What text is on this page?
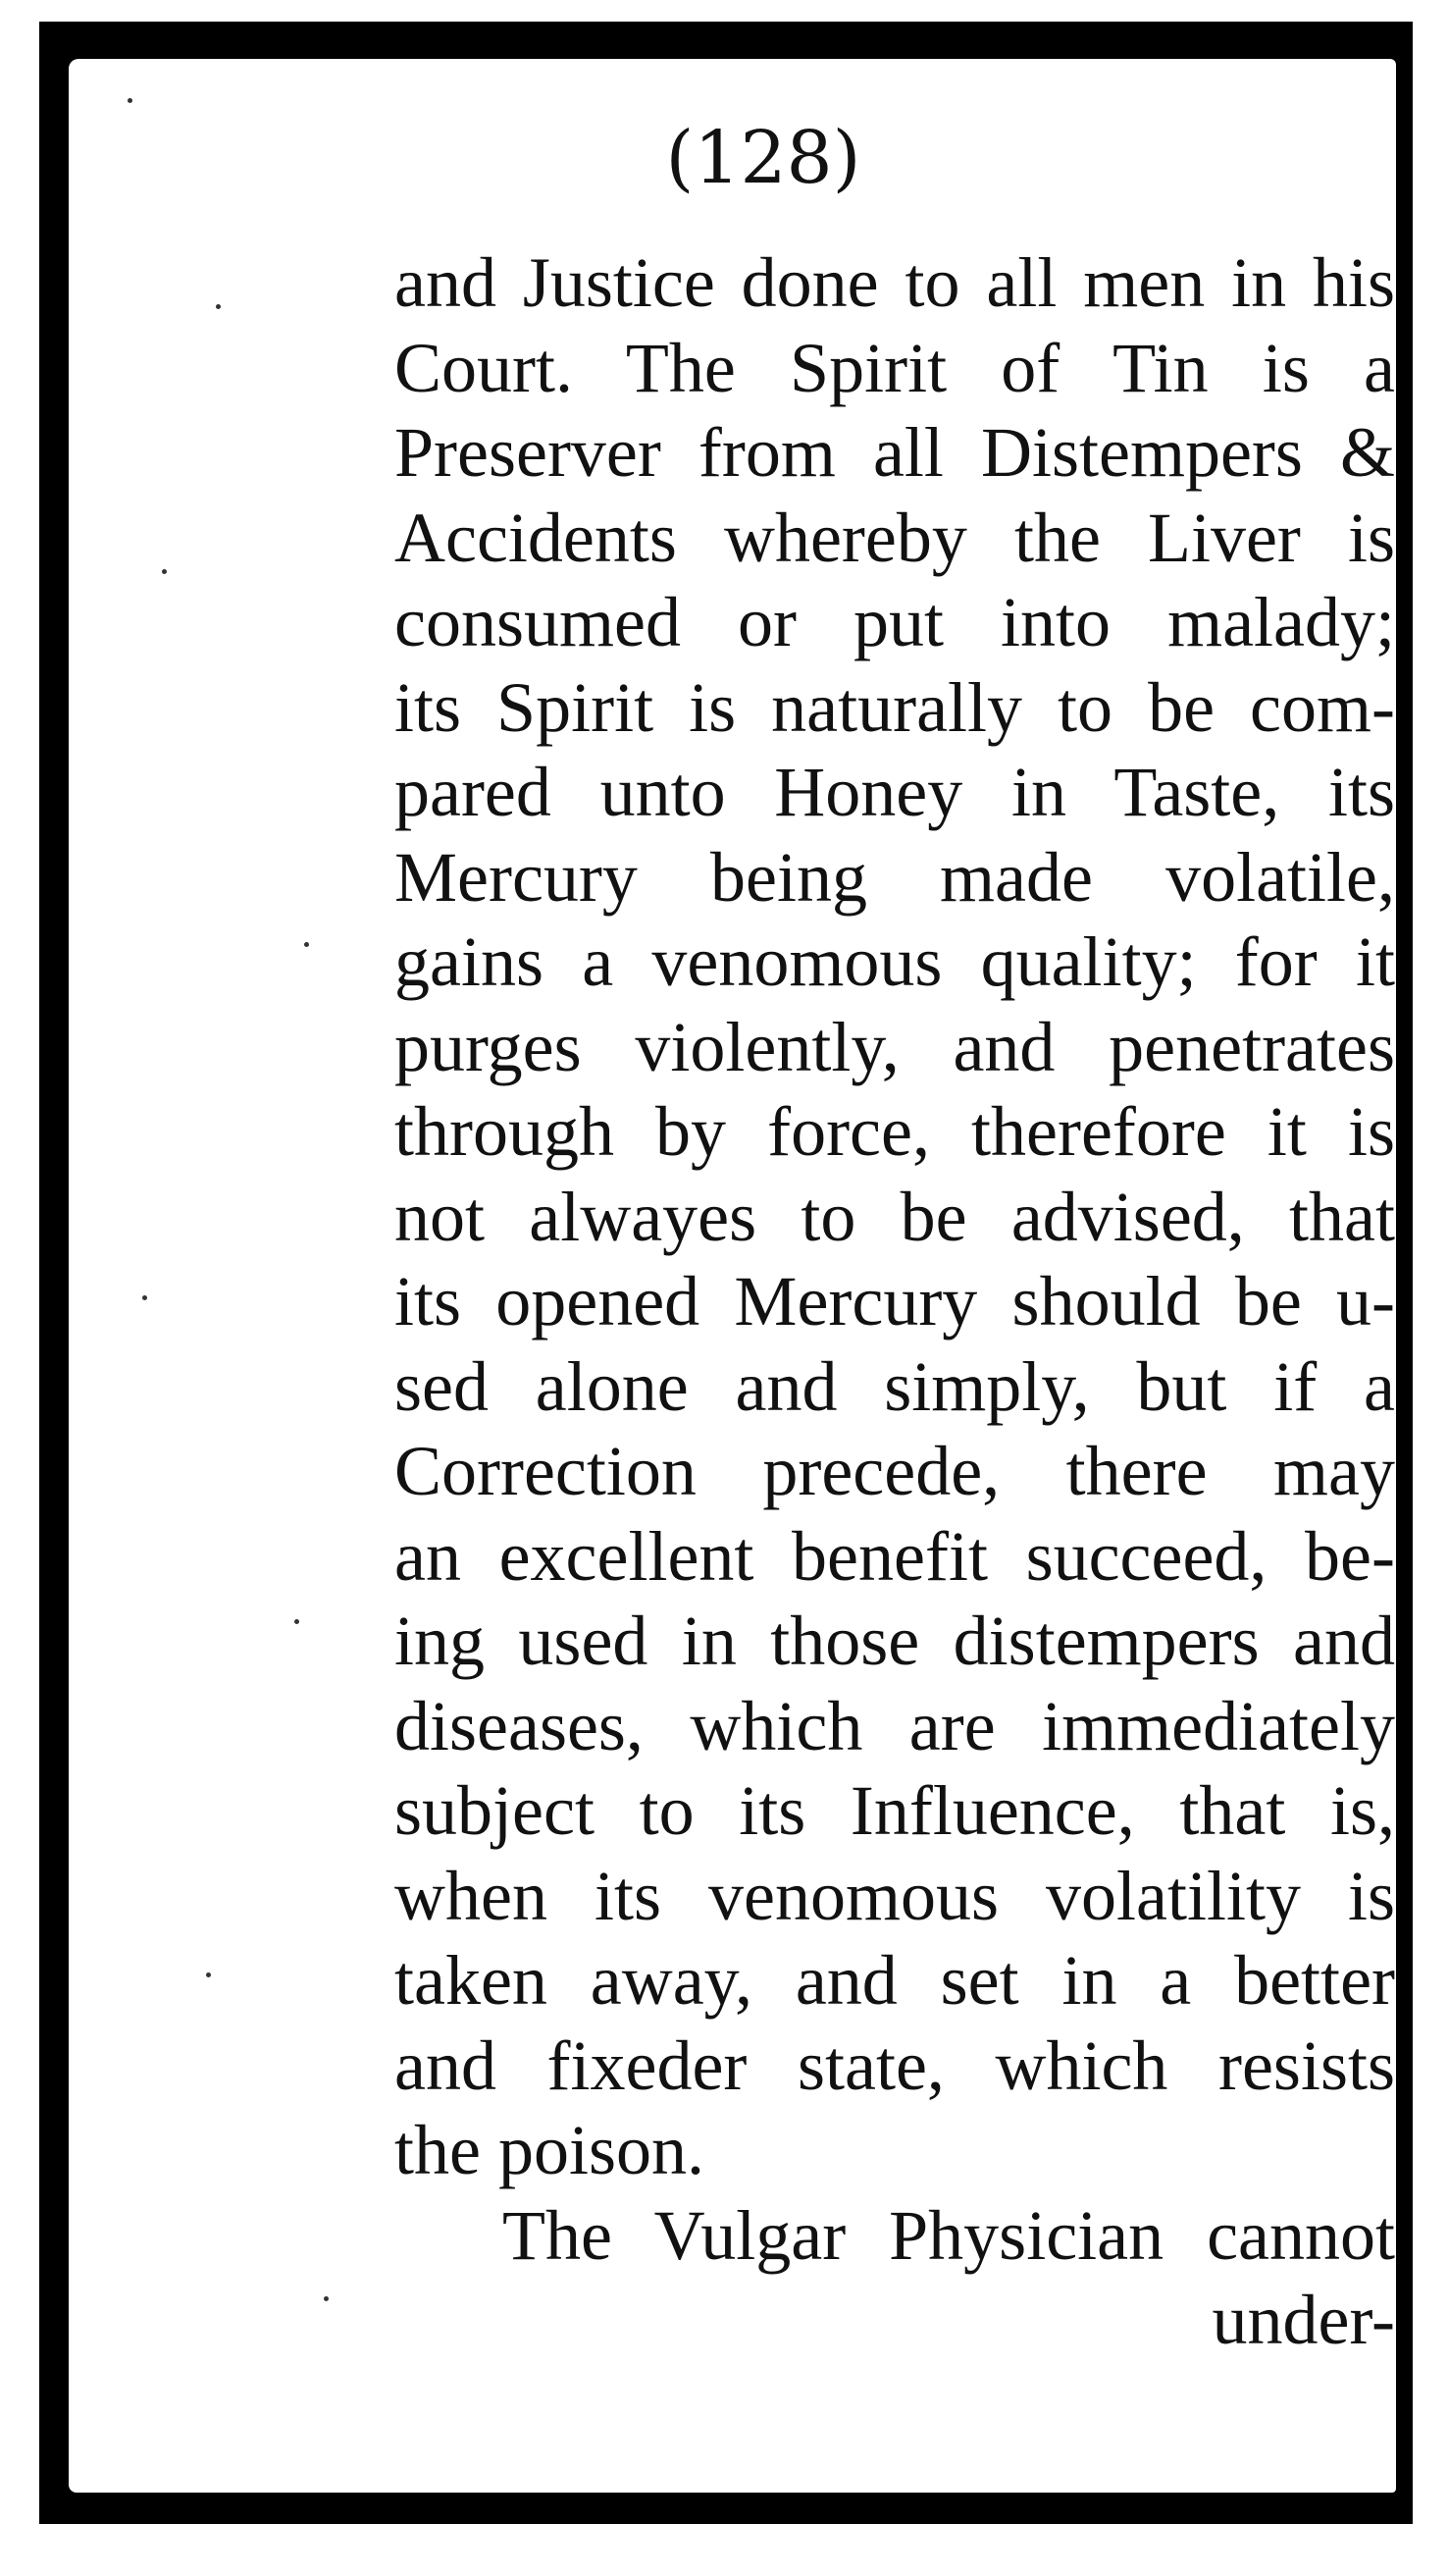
(128)
and Justice done to all men in his
Court. The Spirit of Tin is a
Preserver from all Distempers &
Accidents whereby the Liver is
consumed or put into malady;
its Spirit is naturally to be com-
pared unto Honey in Taste, its
Mercury being made volatile,
gains a venomous quality; for it
purges violently, and penetrates
through by force, therefore it is
not alwayes to be advised, that
its opened Mercury should be u-
sed alone and simply, but if a
Correction precede, there may
an excellent benefit succeed, be-
ing used in those distempers and
diseases, which are immediately
subject to its Influence, that is,
when its venomous volatility is
taken away, and set in a better
and fixeder state, which resists
the poison.
The Vulgar Physician cannot
under-
